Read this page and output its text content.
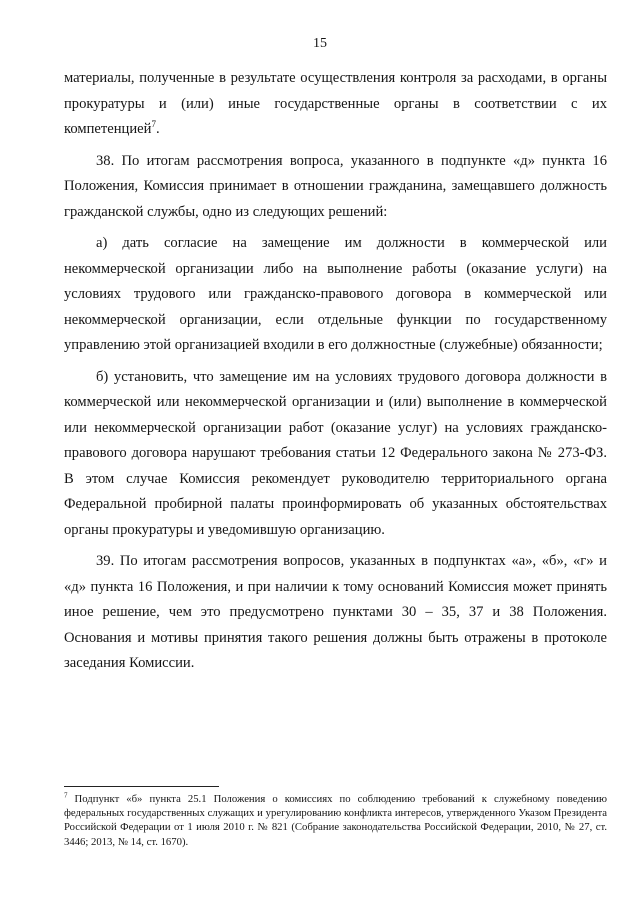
15

материалы, полученные в результате осуществления контроля за расходами, в органы прокуратуры и (или) иные государственные органы в соответствии с их компетенцией$^7$.

38. По итогам рассмотрения вопроса, указанного в подпункте «д» пункта 16 Положения, Комиссия принимает в отношении гражданина, замещавшего должность гражданской службы, одно из следующих решений:

а) дать согласие на замещение им должности в коммерческой или некоммерческой организации либо на выполнение работы (оказание услуги) на условиях трудового или гражданско-правового договора в коммерческой или некоммерческой организации, если отдельные функции по государственному управлению этой организацией входили в его должностные (служебные) обязанности;

б) установить, что замещение им на условиях трудового договора должности в коммерческой или некоммерческой организации и (или) выполнение в коммерческой или некоммерческой организации работ (оказание услуг) на условиях гражданско-правового договора нарушают требования статьи 12 Федерального закона № 273-ФЗ. В этом случае Комиссия рекомендует руководителю территориального органа Федеральной пробирной палаты проинформировать об указанных обстоятельствах органы прокуратуры и уведомившую организацию.

39. По итогам рассмотрения вопросов, указанных в подпунктах «а», «б», «г» и «д» пункта 16 Положения, и при наличии к тому оснований Комиссия может принять иное решение, чем это предусмотрено пунктами 30 – 35, 37 и 38 Положения. Основания и мотивы принятия такого решения должны быть отражены в протоколе заседания Комиссии.

$^7$ Подпункт «б» пункта 25.1 Положения о комиссиях по соблюдению требований к служебному поведению федеральных государственных служащих и урегулированию конфликта интересов, утвержденного Указом Президента Российской Федерации от 1 июля 2010 г. № 821 (Собрание законодательства Российской Федерации, 2010, № 27, ст. 3446; 2013, № 14, ст. 1670).
